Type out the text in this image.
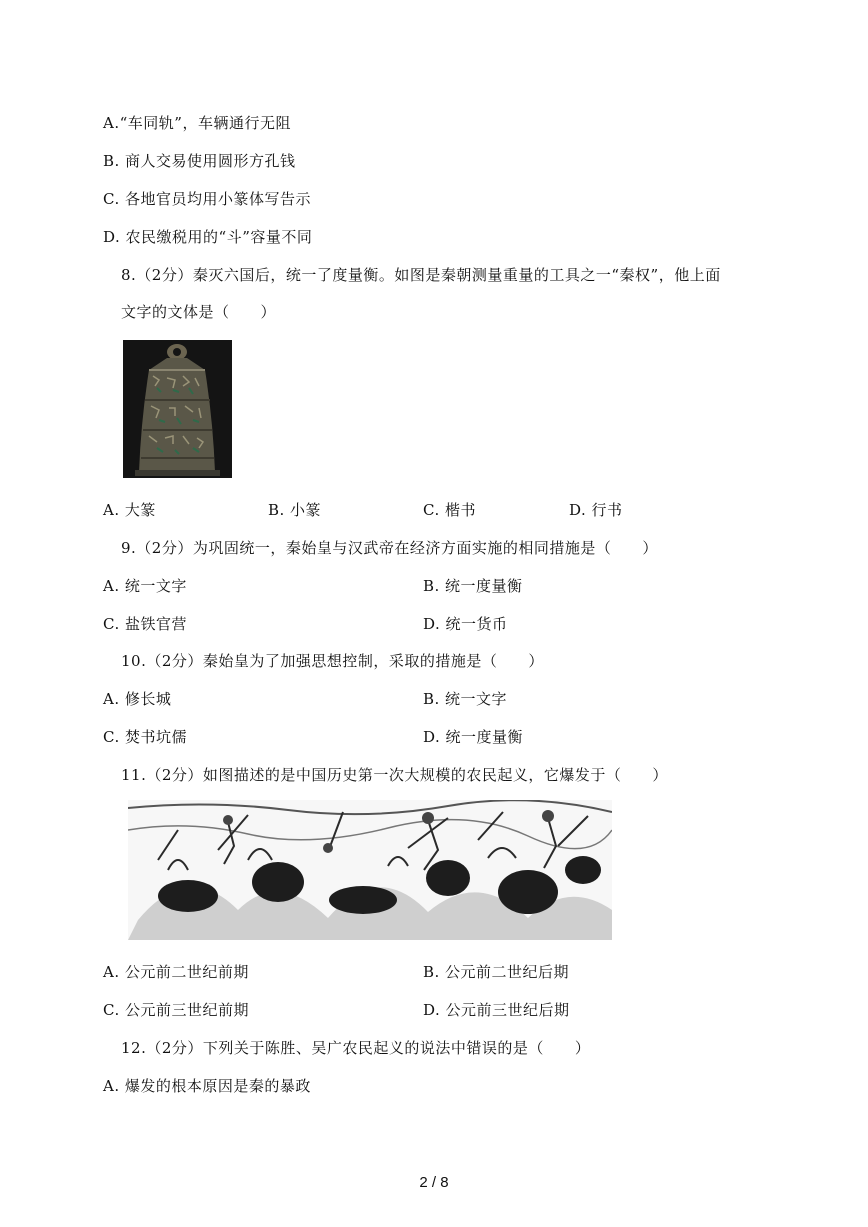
A.“车同轨”，车辆通行无阻
B. 商人交易使用圆形方孔钱
C. 各地官员均用小篆体写告示
D. 农民缴税用的“斗”容量不同
8.（2分）秦灭六国后，统一了度量衡。如图是秦朝测量重量的工具之一“秦权”，他上面
文字的文体是（　　）
A. 大篆	B. 小篆	C. 楷书	D. 行书
9.（2分）为巩固统一，秦始皇与汉武帝在经济方面实施的相同措施是（　　）
A. 统一文字	B. 统一度量衡
C. 盐铁官营	D. 统一货币
10.（2分）秦始皇为了加强思想控制，采取的措施是（　　）
A. 修长城	B. 统一文字
C. 焚书坑儒	D. 统一度量衡
11.（2分）如图描述的是中国历史第一次大规模的农民起义，它爆发于（　　）
A. 公元前二世纪前期	B. 公元前二世纪后期
C. 公元前三世纪前期	D. 公元前三世纪后期
12.（2分）下列关于陈胜、吴广农民起义的说法中错误的是（　　）
A. 爆发的根本原因是秦的暴政
2 / 8
